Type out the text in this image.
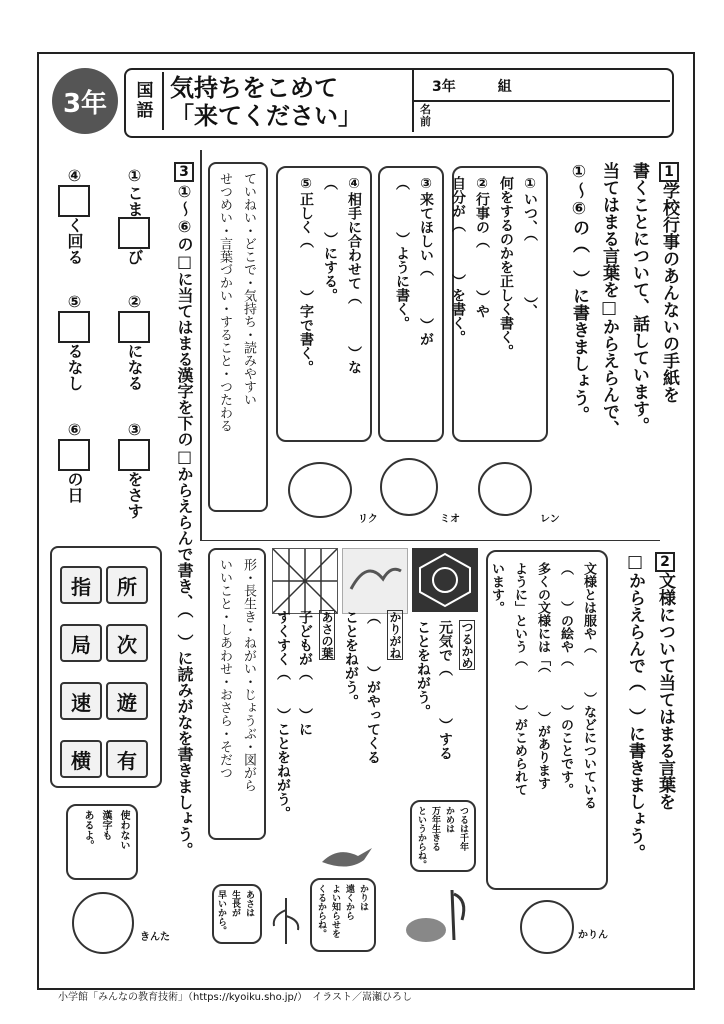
3年	国
語
気持ちをこめて
「来てください」
3年　　　組
名
前
1学校行事のあんないの手紙を
書くことについて、話しています。
当てはまる言葉を□からえらんで、
①〜⑥の（　）に書きましょう。
①いつ、（　　　　）、
何をするのかを正しく書く。
②行事の（　　　）や
自分が（　　　）を書く。
③来てほしい（　　　）が
（　　　）ように書く。
④相手に合わせて（　　　）な
（　　　）にする。
⑤正しく（　　　）字で書く。
ていねい・どこで・気持ち・読みやすい
せつめい・言葉づかい・すること・つたわる
レン
ミオ
リク
2文様について当てはまる言葉を
□からえらんで（　）に書きましょう。
文様とは服や（　　　）などについている
（　　）の絵や（　　　）のことです。
多くの文様には「（　　　）があります
ように」という（　　　）がこめられて
います。
かりん
つるかめ
元気で（　　　）する
ことをねがう。
かりがね
（　　　）がやってくる
ことをねがう。
あさの葉
子どもが（　　）に
すくすく（　　）ことをねがう。
形・長生き・ねがい・じょうぶ・図がら
いいこと・しあわせ・おさら・そだつ
つるは千年
かめは
万年生きる
というからね。
かりは
遠くから
よい知らせを
くるからね。
あさは
生長が
早いから。
3①〜⑥の□に当てはまる漢字を下の□からえらんで書き、（　）に読みがなを書きましょう。
①こまび
②になる
③をさす
④く回る
⑤るなし
⑥の日
所
指
次
局
遊
速
有
横
使わない
漢字も
あるよ。
きんた
小学館「みんなの教育技術」（https://kyoiku.sho.jp/）　イラスト／嵩瀬ひろし
